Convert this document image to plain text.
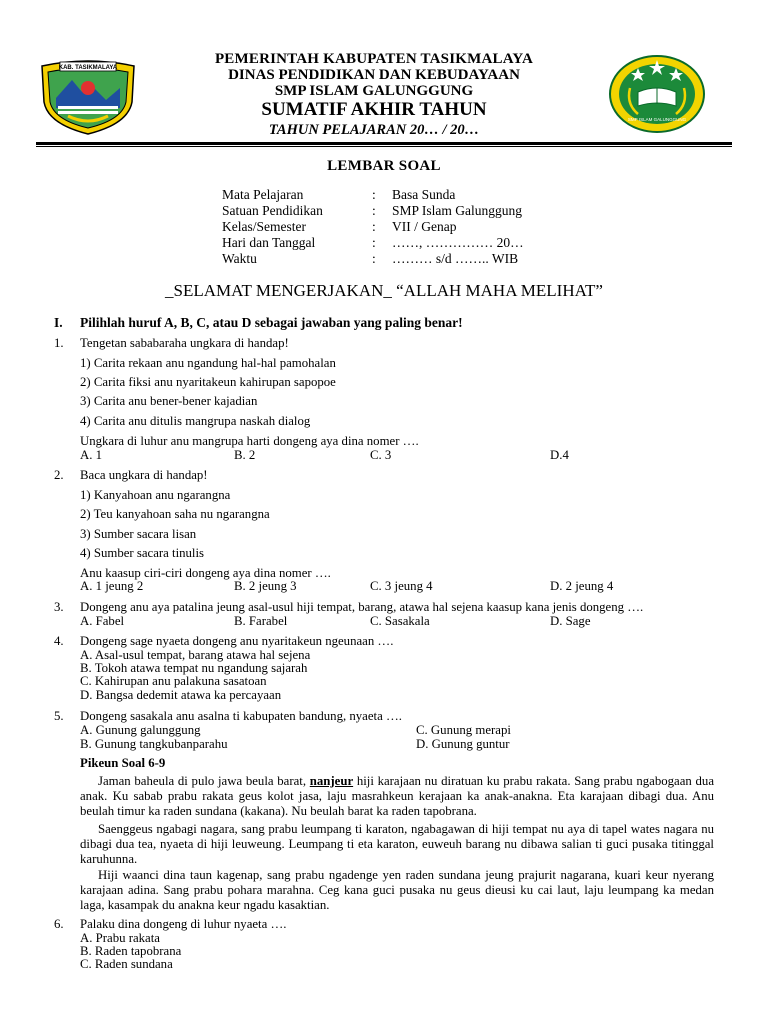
KAB. TASIKMALAYA
SMP ISLAM GALUNGGUNG
PEMERINTAH KABUPATEN TASIKMALAYA
DINAS PENDIDIKAN DAN KEBUDAYAAN
SMP ISLAM GALUNGGUNG
SUMATIF AKHIR TAHUN
TAHUN PELAJARAN 20… / 20…
LEMBAR SOAL
Mata Pelajaran	: Basa Sunda
Satuan Pendidikan	: SMP Islam Galunggung
Kelas/Semester	: VII / Genap
Hari dan Tanggal	: ……, …………… 20…
Waktu	: ……… s/d …….. WIB
_SELAMAT MENGERJAKAN_ “ALLAH MAHA MELIHAT”
I. Pilihlah huruf A, B, C, atau D sebagai jawaban yang paling benar!
1. Tengetan sababaraha ungkara di handap!
1) Carita rekaan anu ngandung hal-hal pamohalan
2) Carita fiksi anu nyaritakeun kahirupan sapopoe
3) Carita anu bener-bener kajadian
4) Carita anu ditulis mangrupa naskah dialog
Ungkara di luhur anu mangrupa harti dongeng aya dina nomer ….
A. 1	B. 2	C. 3	D.4
2. Baca ungkara di handap!
1) Kanyahoan anu ngarangna
2) Teu kanyahoan saha nu ngarangna
3) Sumber sacara lisan
4) Sumber sacara tinulis
Anu kaasup ciri-ciri dongeng aya dina nomer ….
A. 1 jeung 2	B. 2 jeung 3	C. 3 jeung 4	D. 2 jeung 4
3. Dongeng anu aya patalina jeung asal-usul hiji tempat, barang, atawa hal sejena kaasup kana jenis dongeng ….
A. Fabel	B. Farabel	C. Sasakala	D. Sage
4. Dongeng sage nyaeta dongeng anu nyaritakeun ngeunaan ….
A. Asal-usul tempat, barang atawa hal sejena
B. Tokoh atawa tempat nu ngandung sajarah
C. Kahirupan anu palakuna sasatoan
D. Bangsa dedemit atawa ka percayaan
5. Dongeng sasakala anu asalna ti kabupaten bandung, nyaeta ….
A. Gunung galunggung	C. Gunung merapi
B. Gunung tangkubanparahu	D. Gunung guntur
Pikeun Soal 6-9
Jaman baheula di pulo jawa beula barat, nanjeur hiji karajaan nu diratuan ku prabu rakata. Sang prabu ngabogaan dua anak. Ku sabab prabu rakata geus kolot jasa, laju masrahkeun kerajaan ka anak-anakna. Eta karajaan dibagi dua. Anu beulah timur ka raden sundana (kakana). Nu beulah barat ka raden tapobrana.
Saenggeus ngabagi nagara, sang prabu leumpang ti karaton, ngabagawan di hiji tempat nu aya di tapel wates nagara nu dibagi dua tea, nyaeta di hiji leuweung. Leumpang ti eta karaton, euweuh barang nu dibawa salian ti guci pusaka titinggal karuhunna.
Hiji waanci dina taun kagenap, sang prabu ngadenge yen raden sundana jeung prajurit nagarana, kuari keur nyerang karajaan adina. Sang prabu pohara marahna. Ceg kana guci pusaka nu geus dieusi ku cai laut, laju leumpang ka medan laga, kasampak du anakna keur ngadu kasaktian.
6. Palaku dina dongeng di luhur nyaeta ….
A. Prabu rakata
B. Raden tapobrana
C. Raden sundana
